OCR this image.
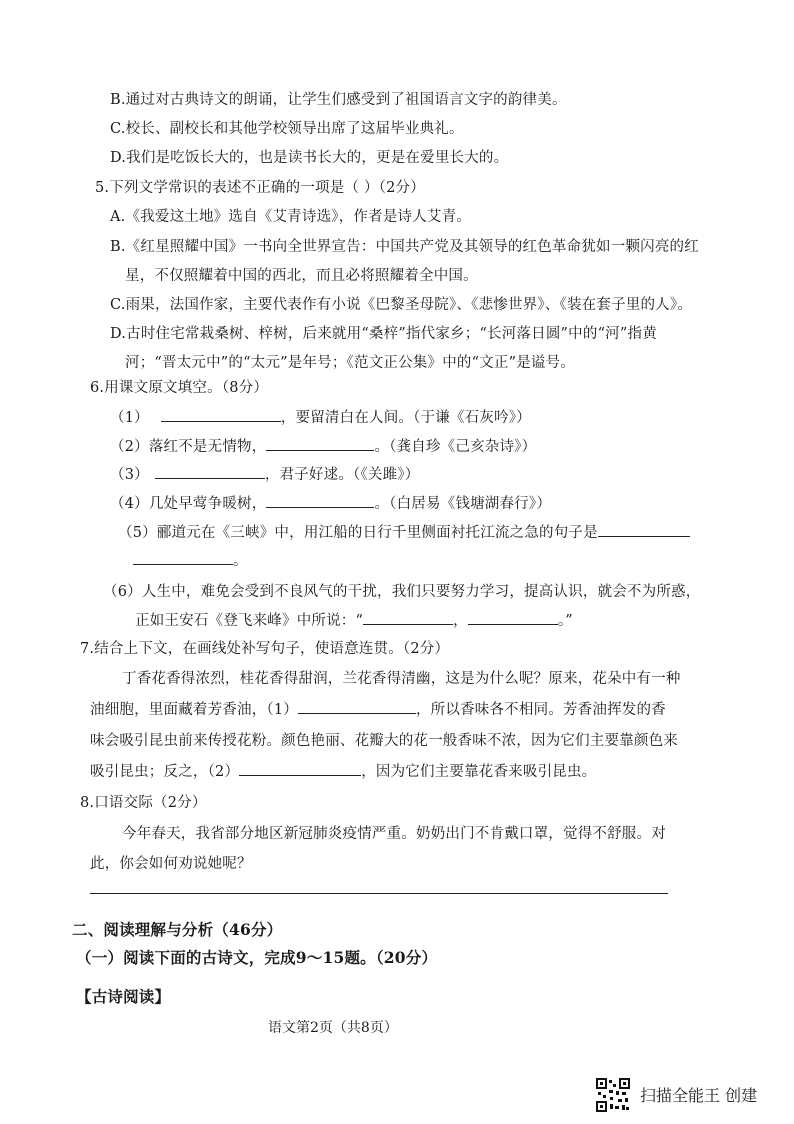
B.通过对古典诗文的朗诵，让学生们感受到了祖国语言文字的韵律美。
C.校长、副校长和其他学校领导出席了这届毕业典礼。
D.我们是吃饭长大的，也是读书长大的，更是在爱里长大的。
5.下列文学常识的表述不正确的一项是（ ）（2分）
A.《我爱这土地》选自《艾青诗选》，作者是诗人艾青。
B.《红星照耀中国》一书向全世界宣告：中国共产党及其领导的红色革命犹如一颗闪亮的红
星，不仅照耀着中国的西北，而且必将照耀着全中国。
C.雨果，法国作家，主要代表作有小说《巴黎圣母院》、《悲惨世界》、《装在套子里的人》。
D.古时住宅常栽桑树、梓树，后来就用“桑梓”指代家乡；“长河落日圆”中的“河”指黄
河；“晋太元中”的“太元”是年号；《范文正公集》中的“文正”是谥号。
6.用课文原文填空。（8分）
（1）	，要留清白在人间。（于谦《石灰吟》）
（2）落红不是无情物，	。（龚自珍《己亥杂诗》）
（3）	，君子好逑。（《关雎》）
（4）几处早莺争暖树，	。（白居易《钱塘湖春行》）
（5）郦道元在《三峡》中，用江船的日行千里侧面衬托江流之急的句子是
。
（6）人生中，难免会受到不良风气的干扰，我们只要努力学习，提高认识，就会不为所惑，
正如王安石《登飞来峰》中所说：“	，	。”
7.结合上下文，在画线处补写句子，使语意连贯。（2分）
丁香花香得浓烈，桂花香得甜润，兰花香得清幽，这是为什么呢？原来，花朵中有一种
油细胞，里面藏着芳香油，（1）	，所以香味各不相同。芳香油挥发的香
味会吸引昆虫前来传授花粉。颜色艳丽、花瓣大的花一般香味不浓，因为它们主要靠颜色来
吸引昆虫；反之，（2）	，因为它们主要靠花香来吸引昆虫。
8.口语交际（2分）
今年春天，我省部分地区新冠肺炎疫情严重。奶奶出门不肯戴口罩，觉得不舒服。对
此，你会如何劝说她呢？
二、阅读理解与分析（46分）
（一）阅读下面的古诗文，完成9～15题。（20分）
【古诗阅读】
语文第2页（共8页）
扫描全能王 创建
